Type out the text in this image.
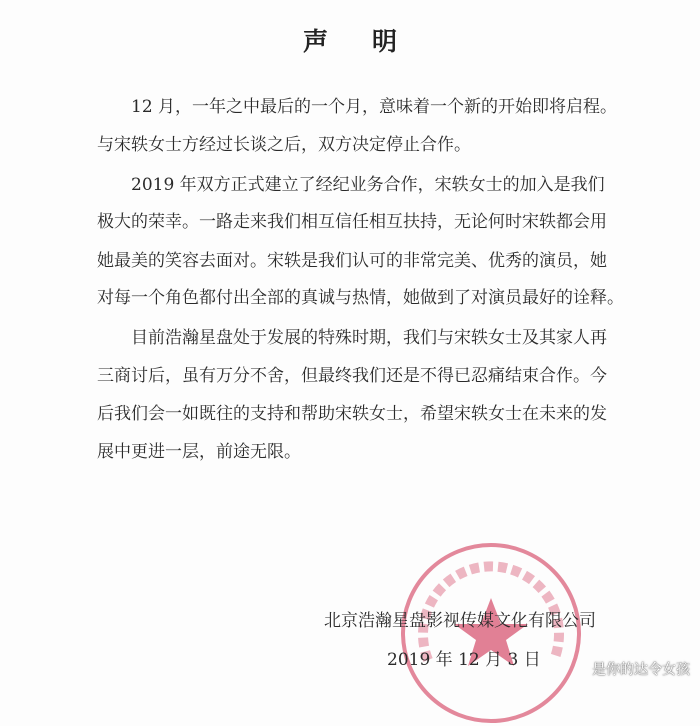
声明
12 月，一年之中最后的一个月，意味着一个新的开始即将启程。
与宋轶女士方经过长谈之后，双方决定停止合作。
2019 年双方正式建立了经纪业务合作，宋轶女士的加入是我们
极大的荣幸。一路走来我们相互信任相互扶持，无论何时宋轶都会用
她最美的笑容去面对。宋轶是我们认可的非常完美、优秀的演员，她
对每一个角色都付出全部的真诚与热情，她做到了对演员最好的诠释。
目前浩瀚星盘处于发展的特殊时期，我们与宋轶女士及其家人再
三商讨后，虽有万分不舍，但最终我们还是不得已忍痛结束合作。今
后我们会一如既往的支持和帮助宋轶女士，希望宋轶女士在未来的发
展中更进一层，前途无限。
北京浩瀚星盘影视传媒文化有限公司
2019 年 12 月 3 日	是你的达令女孩
